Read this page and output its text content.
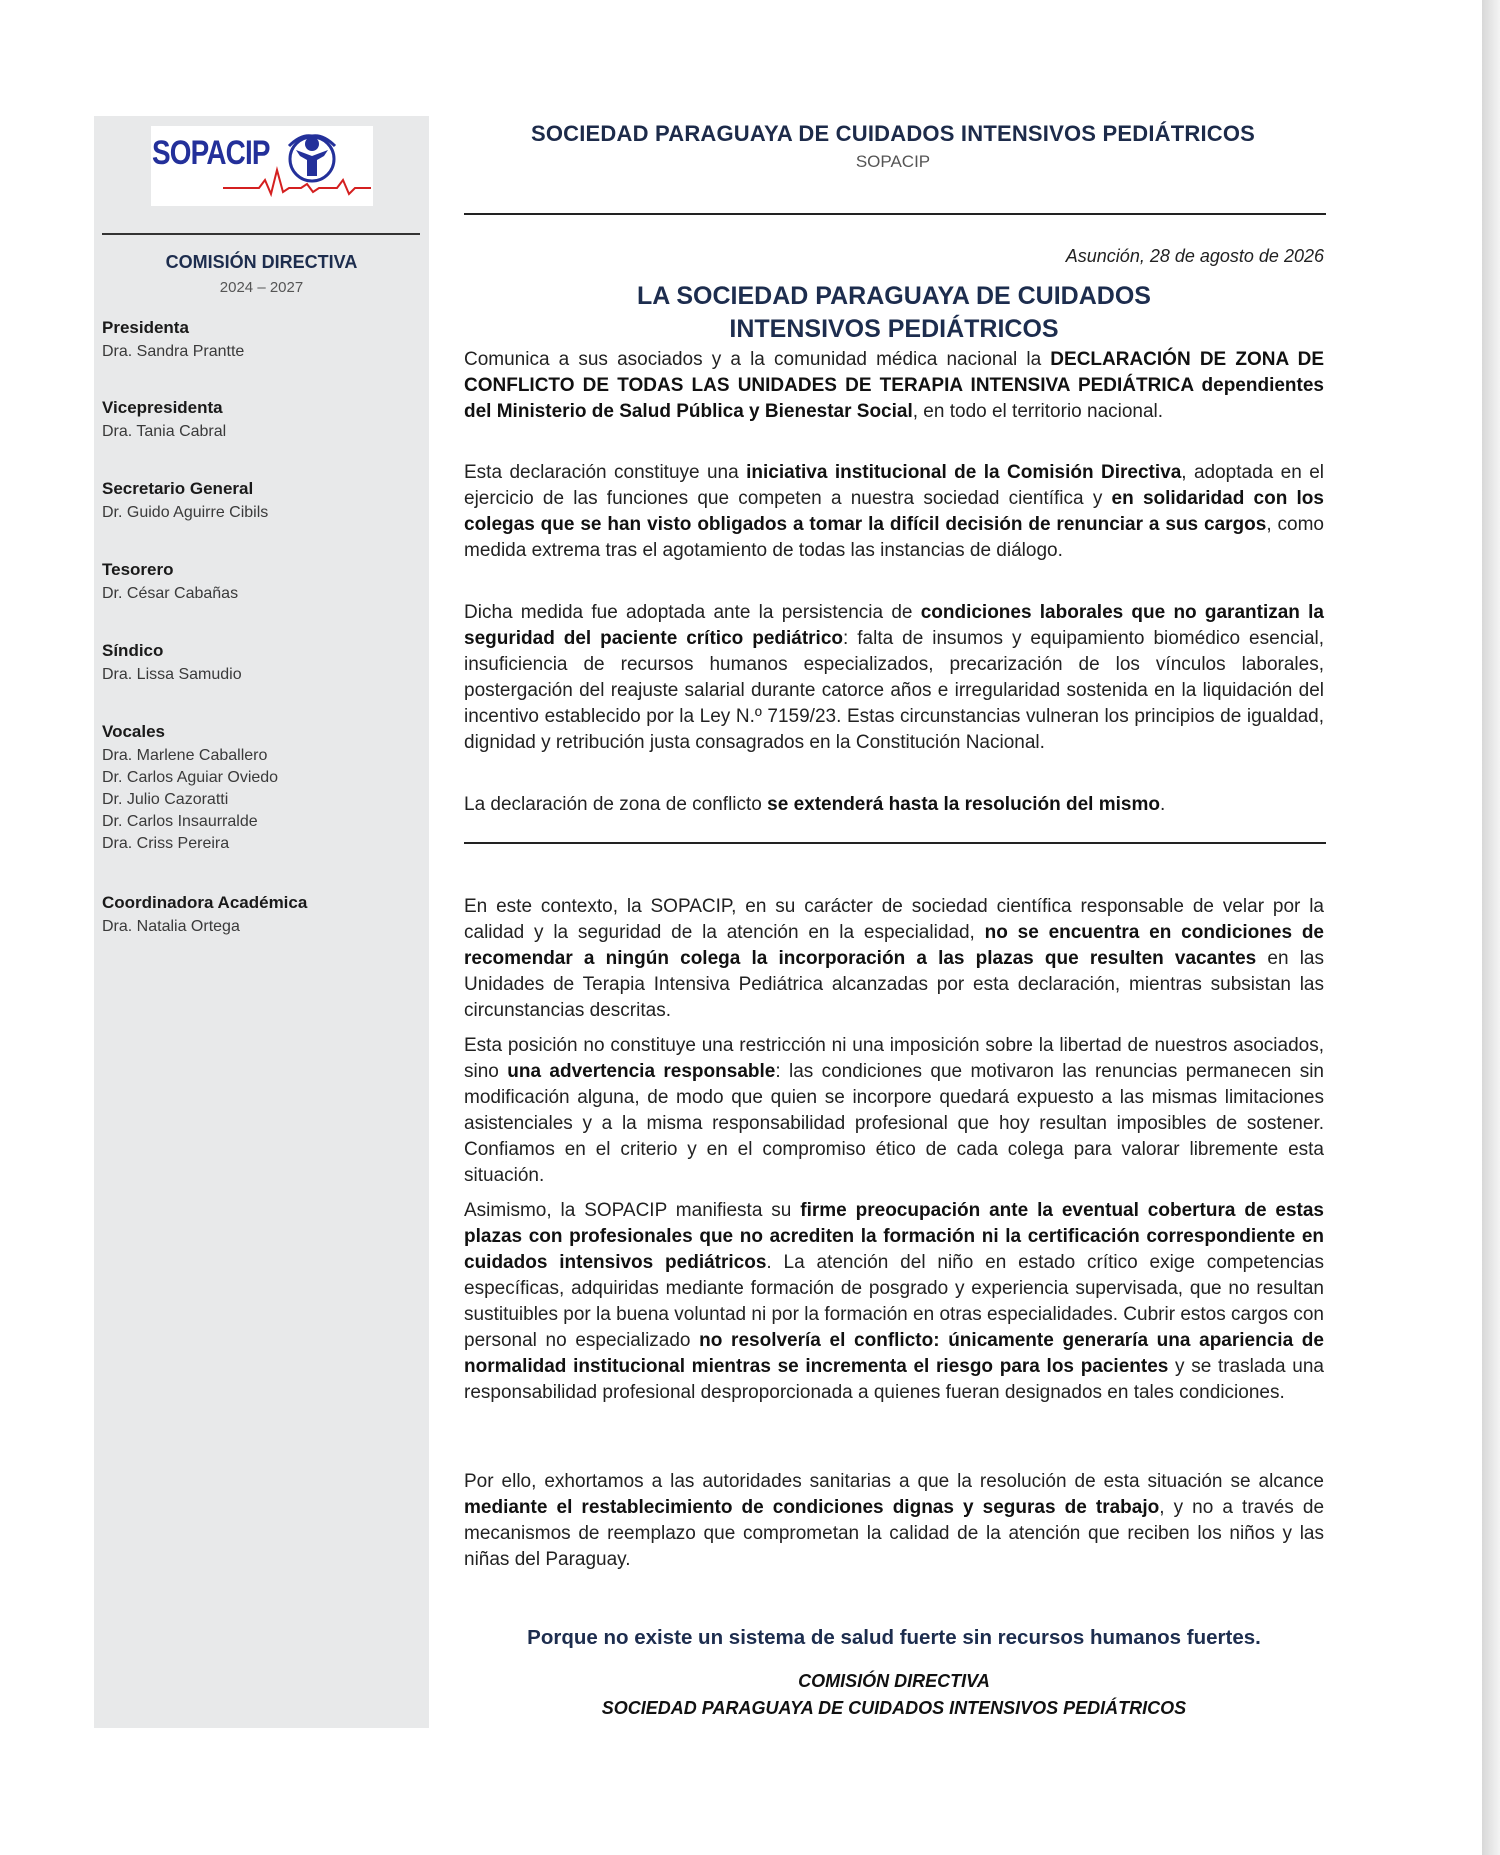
SOPACIP
COMISIÓN DIRECTIVA
2024 – 2027
Presidenta
Dra. Sandra Prantte
Vicepresidenta
Dra. Tania Cabral
Secretario General
Dr. Guido Aguirre Cibils
Tesorero
Dr. César Cabañas
Síndico
Dra. Lissa Samudio
Vocales
Dra. Marlene Caballero
Dr. Carlos Aguiar Oviedo
Dr. Julio Cazoratti
Dr. Carlos Insaurralde
Dra. Criss Pereira
Coordinadora Académica
Dra. Natalia Ortega
SOCIEDAD PARAGUAYA DE CUIDADOS INTENSIVOS PEDIÁTRICOS
SOPACIP
Asunción, 28 de agosto de 2026
LA SOCIEDAD PARAGUAYA DE CUIDADOS
INTENSIVOS PEDIÁTRICOS
Comunica a sus asociados y a la comunidad médica nacional la DECLARACIÓN DE ZONA DE CONFLICTO DE TODAS LAS UNIDADES DE TERAPIA INTENSIVA PEDIÁTRICA dependientes del Ministerio de Salud Pública y Bienestar Social, en todo el territorio nacional.
Esta declaración constituye una iniciativa institucional de la Comisión Directiva, adoptada en el ejercicio de las funciones que competen a nuestra sociedad científica y en solidaridad con los colegas que se han visto obligados a tomar la difícil decisión de renunciar a sus cargos, como medida extrema tras el agotamiento de todas las instancias de diálogo.
Dicha medida fue adoptada ante la persistencia de condiciones laborales que no garantizan la seguridad del paciente crítico pediátrico: falta de insumos y equipamiento biomédico esencial, insuficiencia de recursos humanos especializados, precarización de los vínculos laborales, postergación del reajuste salarial durante catorce años e irregularidad sostenida en la liquidación del incentivo establecido por la Ley N.º 7159/23. Estas circunstancias vulneran los principios de igualdad, dignidad y retribución justa consagrados en la Constitución Nacional.
La declaración de zona de conflicto se extenderá hasta la resolución del mismo.
En este contexto, la SOPACIP, en su carácter de sociedad científica responsable de velar por la calidad y la seguridad de la atención en la especialidad, no se encuentra en condiciones de recomendar a ningún colega la incorporación a las plazas que resulten vacantes en las Unidades de Terapia Intensiva Pediátrica alcanzadas por esta declaración, mientras subsistan las circunstancias descritas.
Esta posición no constituye una restricción ni una imposición sobre la libertad de nuestros asociados, sino una advertencia responsable: las condiciones que motivaron las renuncias permanecen sin modificación alguna, de modo que quien se incorpore quedará expuesto a las mismas limitaciones asistenciales y a la misma responsabilidad profesional que hoy resultan imposibles de sostener. Confiamos en el criterio y en el compromiso ético de cada colega para valorar libremente esta situación.
Asimismo, la SOPACIP manifiesta su firme preocupación ante la eventual cobertura de estas plazas con profesionales que no acrediten la formación ni la certificación correspondiente en cuidados intensivos pediátricos. La atención del niño en estado crítico exige competencias específicas, adquiridas mediante formación de posgrado y experiencia supervisada, que no resultan sustituibles por la buena voluntad ni por la formación en otras especialidades. Cubrir estos cargos con personal no especializado no resolvería el conflicto: únicamente generaría una apariencia de normalidad institucional mientras se incrementa el riesgo para los pacientes y se traslada una responsabilidad profesional desproporcionada a quienes fueran designados en tales condiciones.
Por ello, exhortamos a las autoridades sanitarias a que la resolución de esta situación se alcance mediante el restablecimiento de condiciones dignas y seguras de trabajo, y no a través de mecanismos de reemplazo que comprometan la calidad de la atención que reciben los niños y las niñas del Paraguay.
Porque no existe un sistema de salud fuerte sin recursos humanos fuertes.
COMISIÓN DIRECTIVA
SOCIEDAD PARAGUAYA DE CUIDADOS INTENSIVOS PEDIÁTRICOS
